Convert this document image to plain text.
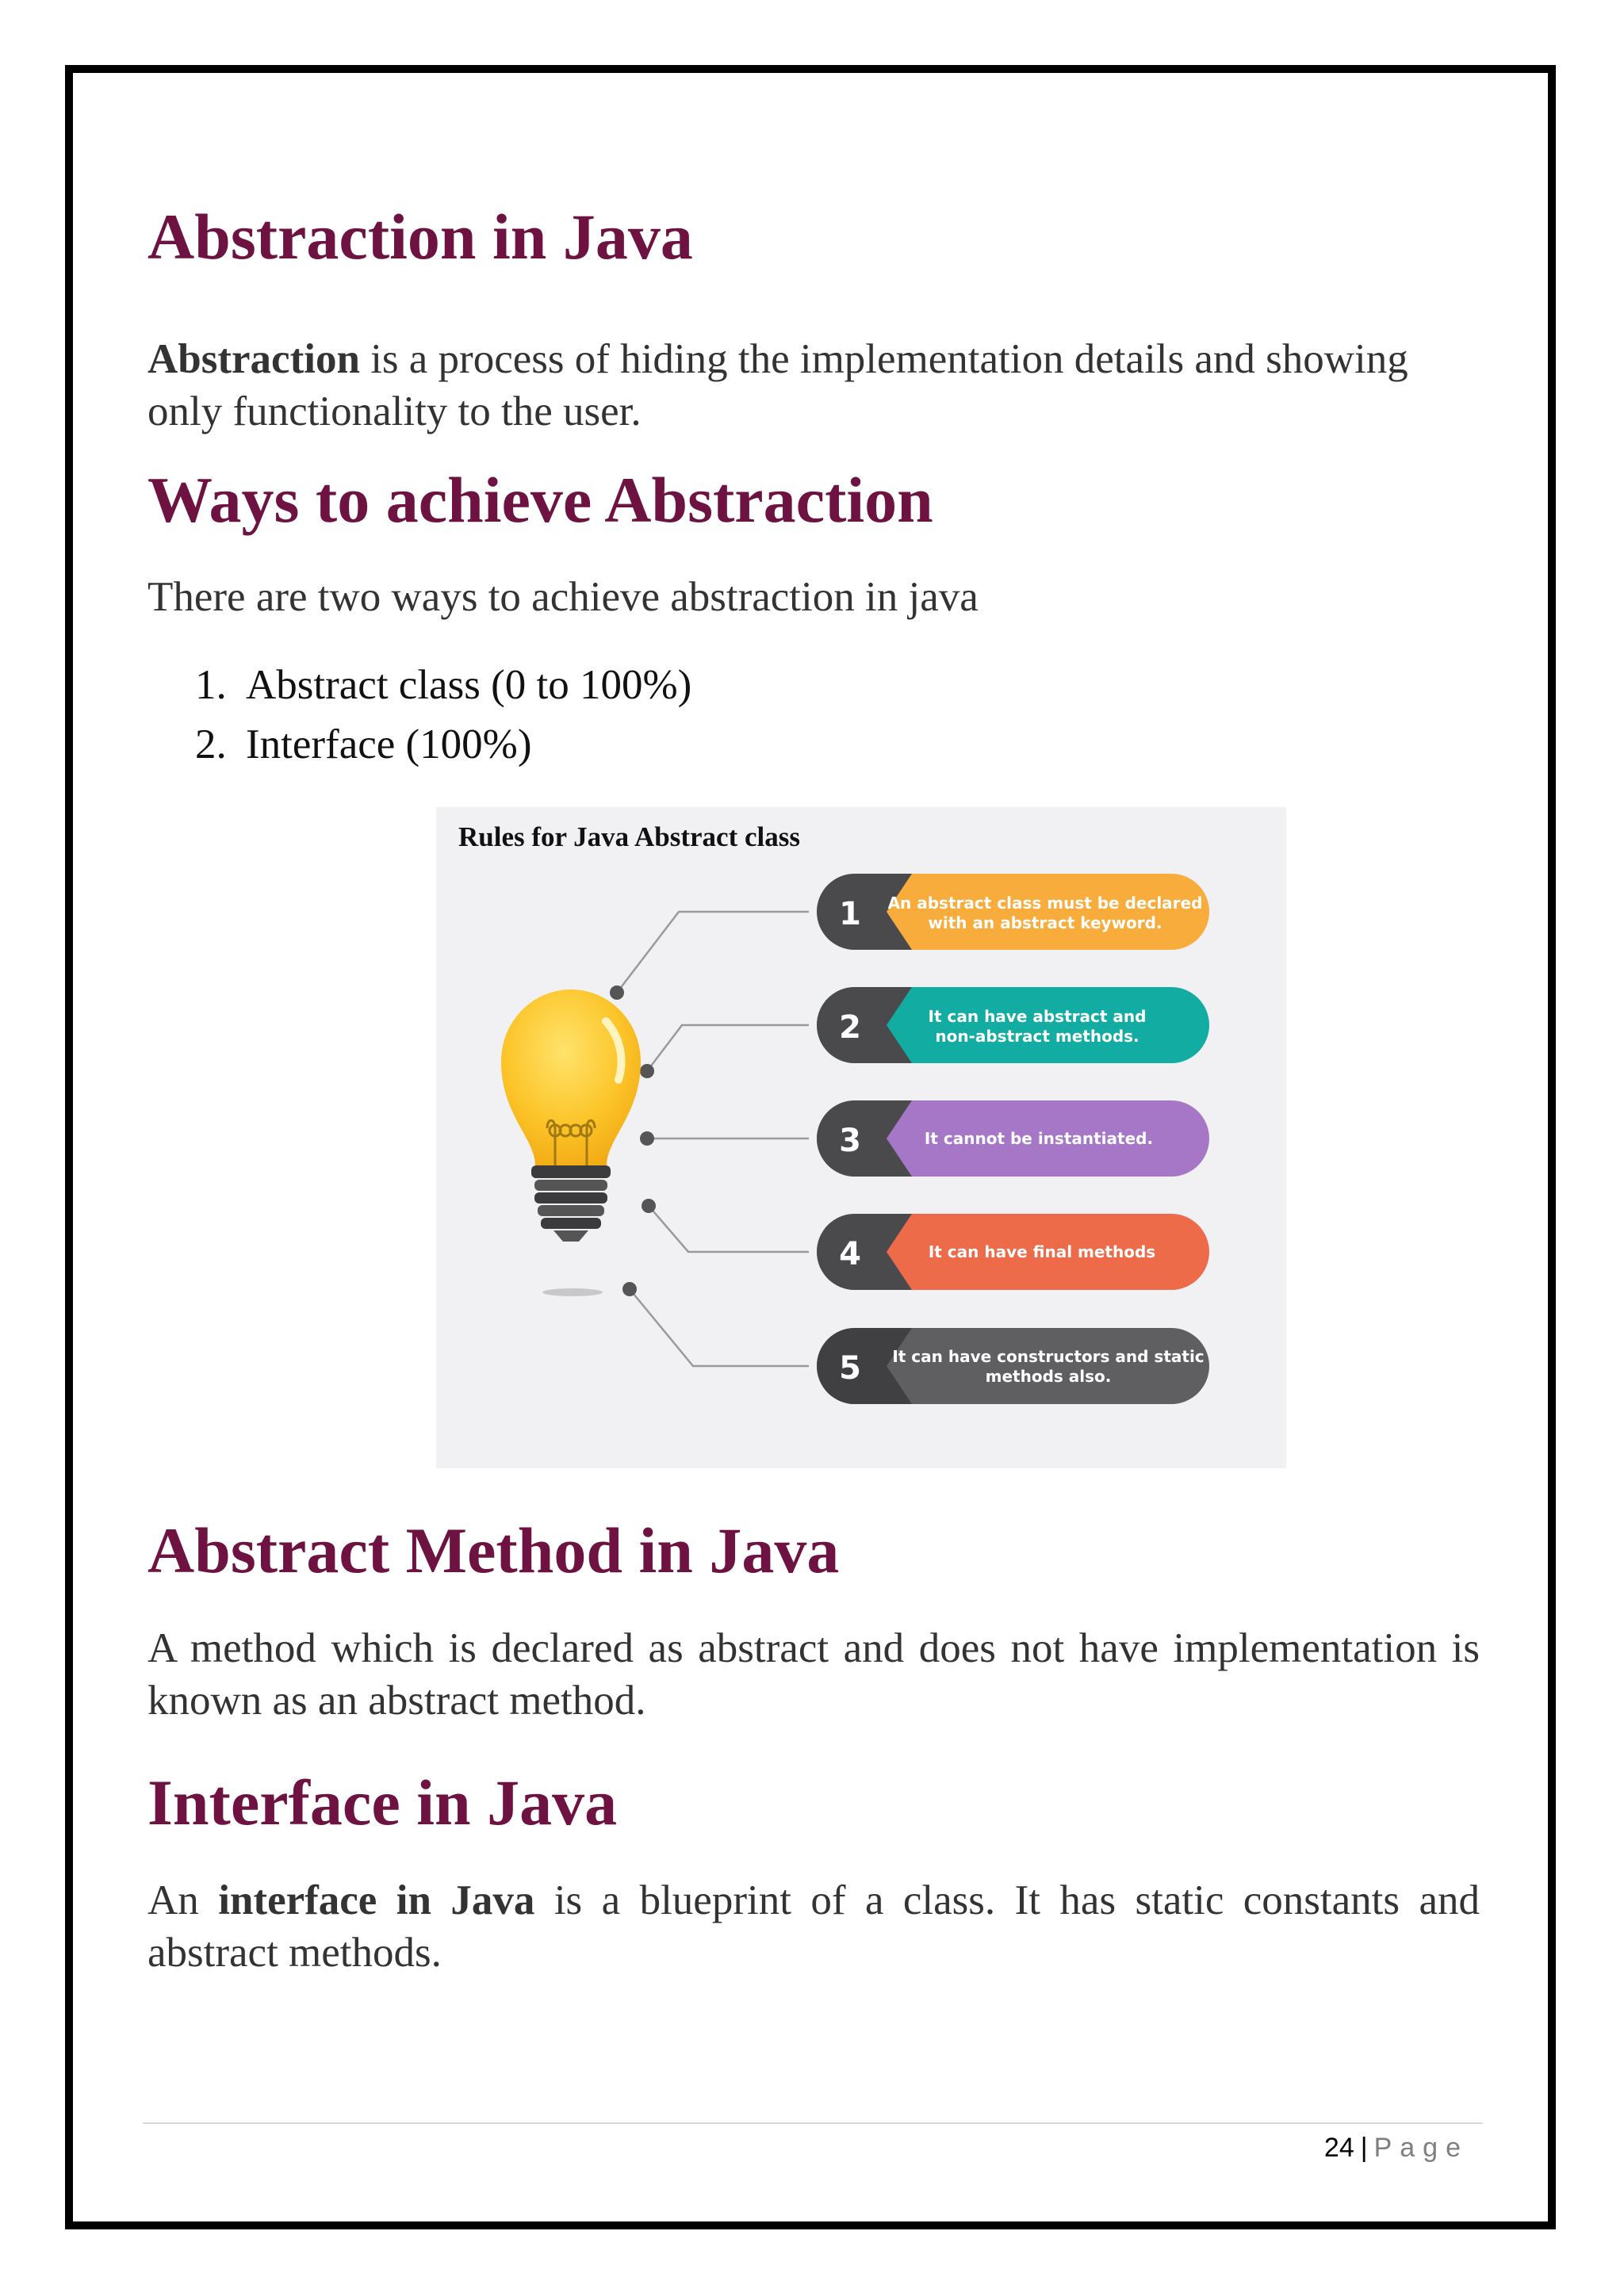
Abstraction in Java

Abstraction is a process of hiding the implementation details and showing only functionality to the user.

Ways to achieve Abstraction

There are two ways to achieve abstraction in java

1. Abstract class (0 to 100%)
2. Interface (100%)
Rules for Java Abstract class
1 An abstract class must be declared
with an abstract keyword.
2	It can have abstract and
non-abstract methods.
3	It cannot be instantiated.
4	It can have final methods
5 It can have constructors and static
methods also.
Abstract Method in Java

A method which is declared as abstract and does not have implementation is known as an abstract method.

Interface in Java

An interface in Java is a blueprint of a class. It has static constants and abstract methods.

24 | Page
